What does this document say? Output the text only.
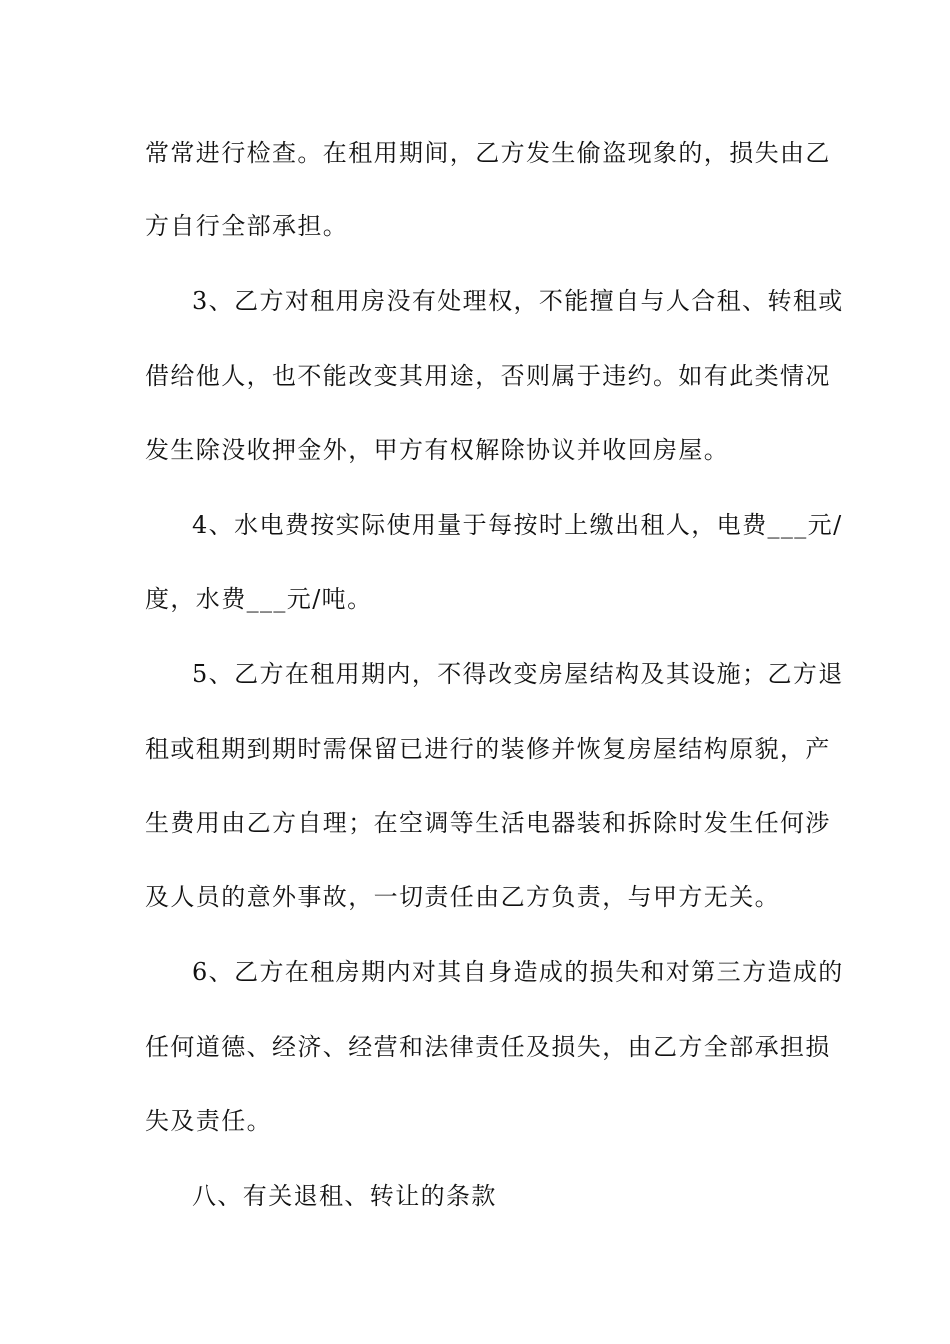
常常进行检查。在租用期间，乙方发生偷盗现象的，损失由乙
方自行全部承担。
3、乙方对租用房没有处理权，不能擅自与人合租、转租或
借给他人，也不能改变其用途，否则属于违约。如有此类情况
发生除没收押金外，甲方有权解除协议并收回房屋。
4、水电费按实际使用量于每按时上缴出租人，电费___元/
度，水费___元/吨。
5、乙方在租用期内，不得改变房屋结构及其设施；乙方退
租或租期到期时需保留已进行的装修并恢复房屋结构原貌，产
生费用由乙方自理；在空调等生活电器装和拆除时发生任何涉
及人员的意外事故，一切责任由乙方负责，与甲方无关。
6、乙方在租房期内对其自身造成的损失和对第三方造成的
任何道德、经济、经营和法律责任及损失，由乙方全部承担损
失及责任。
八、有关退租、转让的条款
